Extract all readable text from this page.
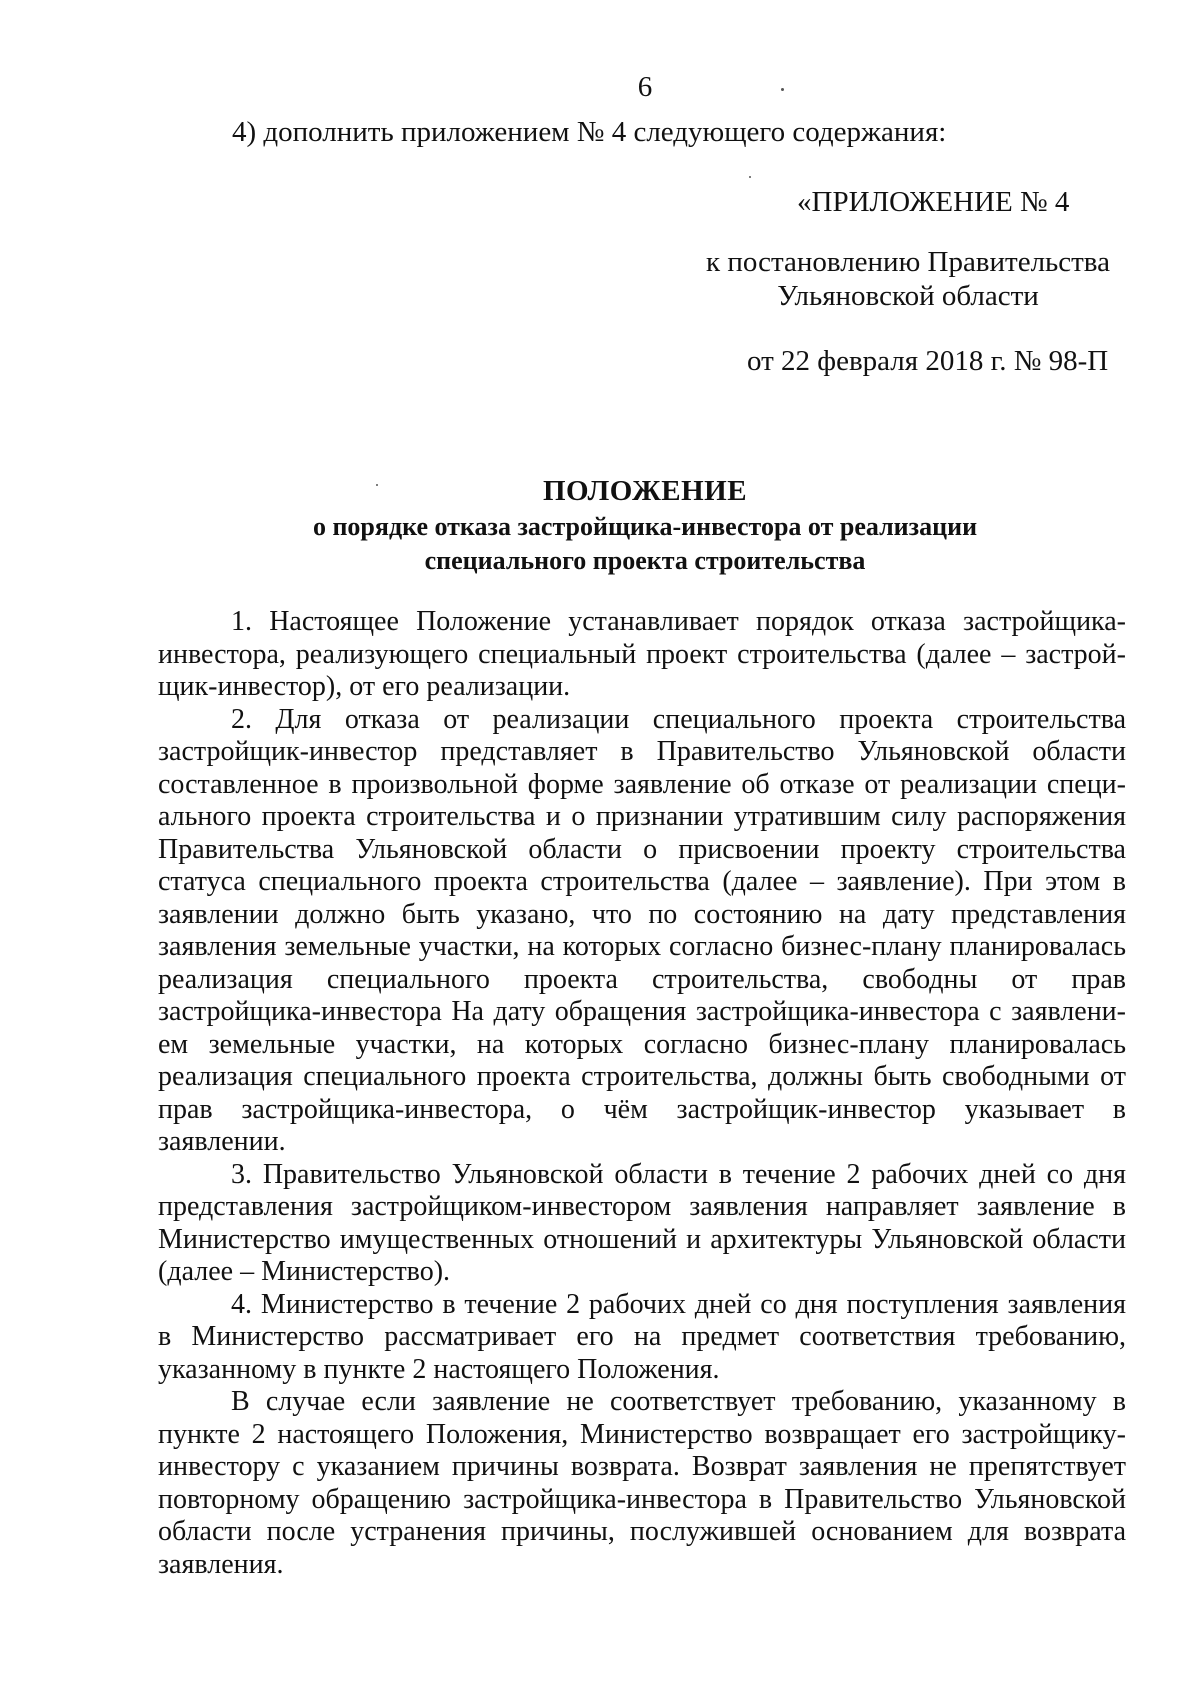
6
4) дополнить приложением № 4 следующего содержания:
«ПРИЛОЖЕНИЕ № 4
к постановлению Правительства
Ульяновской области
от 22 февраля 2018 г. № 98-П
ПОЛОЖЕНИЕ
о порядке отказа застройщика-инвестора от реализации
специального проекта строительства

1. Настоящее Положение устанавливает порядок отказа застройщика-инвестора, реализующего специальный проект строительства (далее – застройщик-инвестор), от его реализации.

2. Для отказа от реализации специального проекта строительства застройщик-инвестор представляет в Правительство Ульяновской области составленное в произвольной форме заявление об отказе от реализации специального проекта строительства и о признании утратившим силу распоряжения Правительства Ульяновской области о присвоении проекту строительства статуса специального проекта строительства (далее – заявление). При этом в заявлении должно быть указано, что по состоянию на дату представления заявления земельные участки, на которых согласно бизнес-плану планировалась реализация специального проекта строительства, свободны от прав застройщика-инвестора На дату обращения застройщика-инвестора с заявлением земельные участки, на которых согласно бизнес-плану планировалась реализация специального проекта строительства, должны быть свободными от прав застройщика-инвестора, о чём застройщик-инвестор указывает в заявлении.

3. Правительство Ульяновской области в течение 2 рабочих дней со дня представления застройщиком-инвестором заявления направляет заявление в Министерство имущественных отношений и архитектуры Ульяновской области (далее – Министерство).

4. Министерство в течение 2 рабочих дней со дня поступления заявления в Министерство рассматривает его на предмет соответствия требованию, указанному в пункте 2 настоящего Положения.

В случае если заявление не соответствует требованию, указанному в пункте 2 настоящего Положения, Министерство возвращает его застройщику-инвестору с указанием причины возврата. Возврат заявления не препятствует повторному обращению застройщика-инвестора в Правительство Ульяновской области после устранения причины, послужившей основанием для возврата заявления.
